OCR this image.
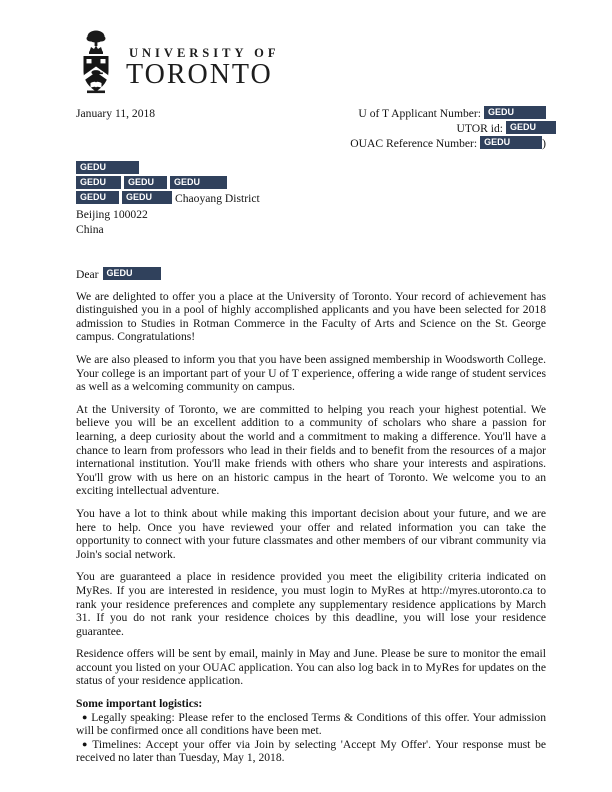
UNIVERSITY OF
TORONTO
January 11, 2018	U of T Applicant Number: GEDU
UTOR id: GEDU
OUAC Reference Number: GEDU	)
GEDU
GEDU GEDU GEDU
GEDU GEDU Chaoyang District
Beijing 100022
China
Dear GEDU

We are delighted to offer you a place at the University of Toronto. Your record of achievement has distinguished you in a pool of highly accomplished applicants and you have been selected for 2018 admission to Studies in Rotman Commerce in the Faculty of Arts and Science on the St. George campus. Congratulations!

We are also pleased to inform you that you have been assigned membership in Woodsworth College. Your college is an important part of your U of T experience, offering a wide range of student services as well as a welcoming community on campus.

At the University of Toronto, we are committed to helping you reach your highest potential. We believe you will be an excellent addition to a community of scholars who share a passion for learning, a deep curiosity about the world and a commitment to making a difference. You'll have a chance to learn from professors who lead in their fields and to benefit from the resources of a major international institution. You'll make friends with others who share your interests and aspirations. You'll grow with us here on an historic campus in the heart of Toronto. We welcome you to an exciting intellectual adventure.

You have a lot to think about while making this important decision about your future, and we are here to help. Once you have reviewed your offer and related information you can take the opportunity to connect with your future classmates and other members of our vibrant community via Join's social network.

You are guaranteed a place in residence provided you meet the eligibility criteria indicated on MyRes. If you are interested in residence, you must login to MyRes at http://myres.utoronto.ca to rank your residence preferences and complete any supplementary residence applications by March 31. If you do not rank your residence choices by this deadline, you will lose your residence guarantee.

Residence offers will be sent by email, mainly in May and June. Please be sure to monitor the email account you listed on your OUAC application. You can also log back in to MyRes for updates on the status of your residence application.

Some important logistics:

● Legally speaking: Please refer to the enclosed Terms & Conditions of this offer. Your admission will be confirmed once all conditions have been met.

● Timelines: Accept your offer via Join by selecting 'Accept My Offer'. Your response must be received no later than Tuesday, May 1, 2018.
